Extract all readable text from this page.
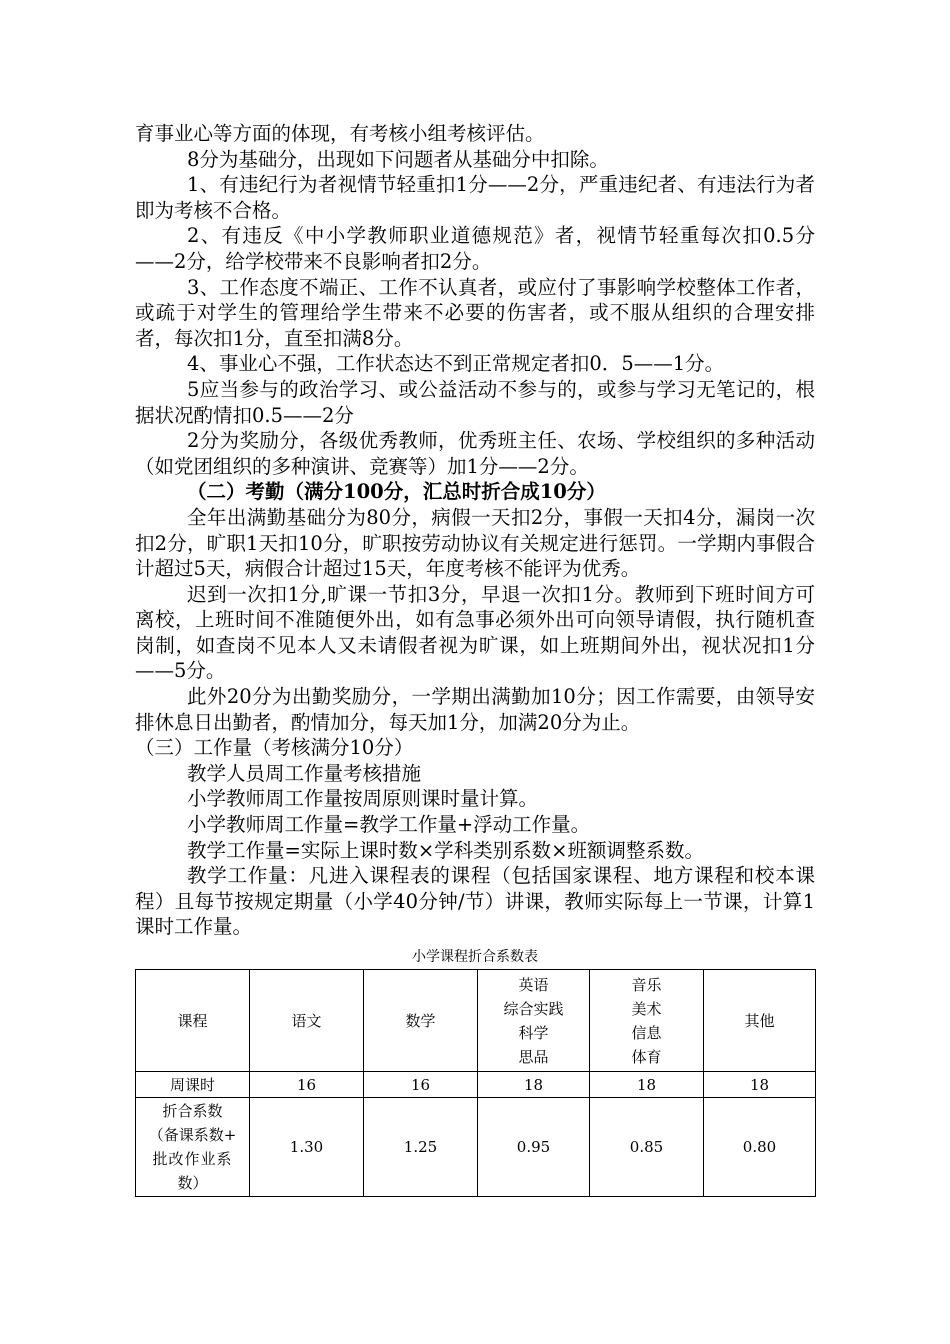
育事业心等方面的体现，有考核小组考核评估。

8分为基础分，出现如下问题者从基础分中扣除。

1、有违纪行为者视情节轻重扣1分——2分，严重违纪者、有违法行为者即为考核不合格。

2、有违反《中小学教师职业道德规范》者，视情节轻重每次扣0.5分——2分，给学校带来不良影响者扣2分。

3、工作态度不端正、工作不认真者，或应付了事影响学校整体工作者，或疏于对学生的管理给学生带来不必要的伤害者，或不服从组织的合理安排者，每次扣1分，直至扣满8分。

4、事业心不强，工作状态达不到正常规定者扣0．5——1分。

5应当参与的政治学习、或公益活动不参与的，或参与学习无笔记的，根据状况酌情扣0.5——2分

2分为奖励分，各级优秀教师，优秀班主任、农场、学校组织的多种活动（如党团组织的多种演讲、竞赛等）加1分——2分。

（二）考勤（满分100分，汇总时折合成10分）

全年出满勤基础分为80分，病假一天扣2分，事假一天扣4分，漏岗一次扣2分，旷职1天扣10分，旷职按劳动协议有关规定进行惩罚。一学期内事假合计超过5天，病假合计超过15天，年度考核不能评为优秀。

迟到一次扣1分,旷课一节扣3分，早退一次扣1分。教师到下班时间方可离校，上班时间不准随便外出，如有急事必须外出可向领导请假，执行随机查岗制，如查岗不见本人又未请假者视为旷课，如上班期间外出，视状况扣1分——5分。

此外20分为出勤奖励分，一学期出满勤加10分；因工作需要，由领导安排休息日出勤者，酌情加分，每天加1分，加满20分为止。

（三）工作量（考核满分10分）

教学人员周工作量考核措施

小学教师周工作量按周原则课时量计算。

小学教师周工作量=教学工作量+浮动工作量。

教学工作量=实际上课时数×学科类别系数×班额调整系数。

教学工作量：凡进入课程表的课程（包括国家课程、地方课程和校本课程）且每节按规定期量（小学40分钟/节）讲课，教师实际每上一节课，计算1课时工作量。

小学课程折合系数表
课程	语文	数学	英语
综合实践
科学
思品	音乐
美术
信息
体育	其他
周课时	16	16	18	18	18

折合系数
（备课系数+
批改作业系
数）	1.30	1.25	0.95	0.85	0.80
